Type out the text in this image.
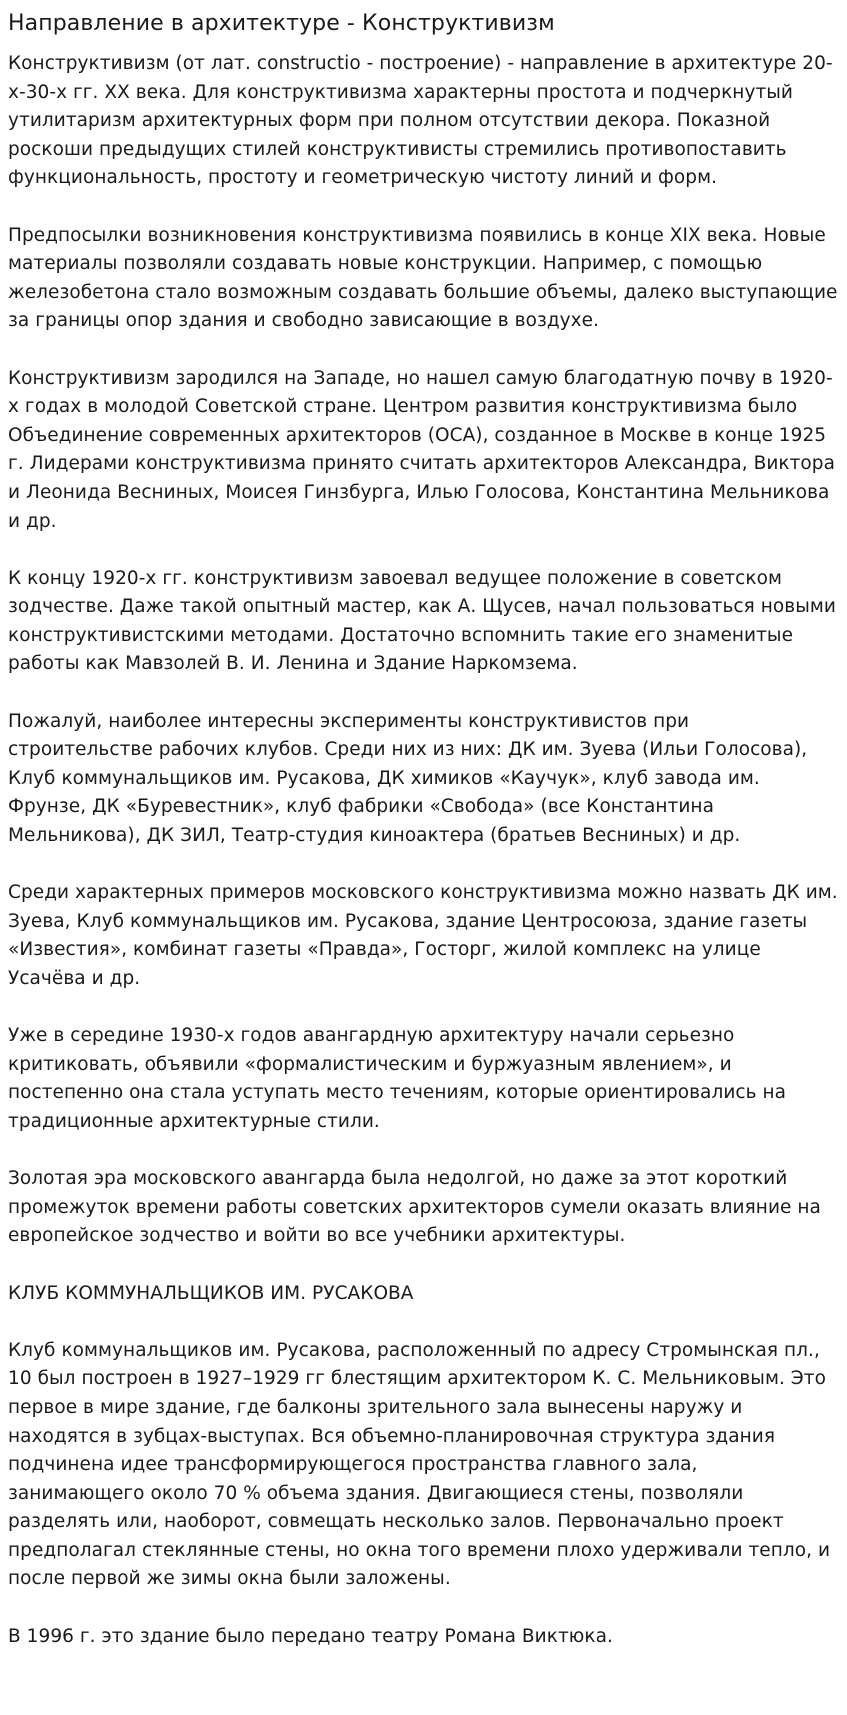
Направление в архитектуре - Конструктивизм

Конструктивизм (от лат. constructio - построение) - направление в архитектуре 20-х-30-х гг. XX века. Для конструктивизма характерны простота и подчеркнутый утилитаризм архитектурных форм при полном отсутствии декора. Показной роскоши предыдущих стилей конструктивисты стремились противопоставить функциональность, простоту и геометрическую чистоту линий и форм.

Предпосылки возникновения конструктивизма появились в конце XIX века. Новые материалы позволяли создавать новые конструкции. Например, с помощью железобетона стало возможным создавать большие объемы, далеко выступающие за границы опор здания и свободно зависающие в воздухе.

Конструктивизм зародился на Западе, но нашел самую благодатную почву в 1920-х годах в молодой Советской стране. Центром развития конструктивизма было Объединение современных архитекторов (ОСА), созданное в Москве в конце 1925 г. Лидерами конструктивизма принято считать архитекторов Александра, Виктора и Леонида Весниных, Моисея Гинзбурга, Илью Голосова, Константина Мельникова и др.

К концу 1920-х гг. конструктивизм завоевал ведущее положение в советском зодчестве. Даже такой опытный мастер, как А. Щусев, начал пользоваться новыми конструктивистскими методами. Достаточно вспомнить такие его знаменитые работы как Мавзолей В. И. Ленина и Здание Наркомзема.

Пожалуй, наиболее интересны эксперименты конструктивистов при строительстве рабочих клубов. Среди них из них: ДК им. Зуева (Ильи Голосова), Клуб коммунальщиков им. Русакова, ДК химиков «Каучук», клуб завода им. Фрунзе, ДК «Буревестник», клуб фабрики «Свобода» (все Константина Мельникова), ДК ЗИЛ, Театр-студия киноактера (братьев Весниных) и др.

Среди характерных примеров московского конструктивизма можно назвать ДК им. Зуева, Клуб коммунальщиков им. Русакова, здание Центросоюза, здание газеты «Известия», комбинат газеты «Правда», Госторг, жилой комплекс на улице Усачёва и др.

Уже в середине 1930-х годов авангардную архитектуру начали серьезно критиковать, объявили «формалистическим и буржуазным явлением», и постепенно она стала уступать место течениям, которые ориентировались на традиционные архитектурные стили.

Золотая эра московского авангарда была недолгой, но даже за этот короткий промежуток времени работы советских архитекторов сумели оказать влияние на европейское зодчество и войти во все учебники архитектуры.

КЛУБ КОММУНАЛЬЩИКОВ ИМ. РУСАКОВА

Клуб коммунальщиков им. Русакова, расположенный по адресу Стромынская пл., 10 был построен в 1927–1929 гг блестящим архитектором К. С. Мельниковым. Это первое в мире здание, где балконы зрительного зала вынесены наружу и находятся в зубцах-выступах. Вся объемно-планировочная структура здания подчинена идее трансформирующегося пространства главного зала, занимающего около 70 % объема здания. Двигающиеся стены, позволяли разделять или, наоборот, совмещать несколько залов. Первоначально проект предполагал стеклянные стены, но окна того времени плохо удерживали тепло, и после первой же зимы окна были заложены.

В 1996 г. это здание было передано театру Романа Виктюка.
